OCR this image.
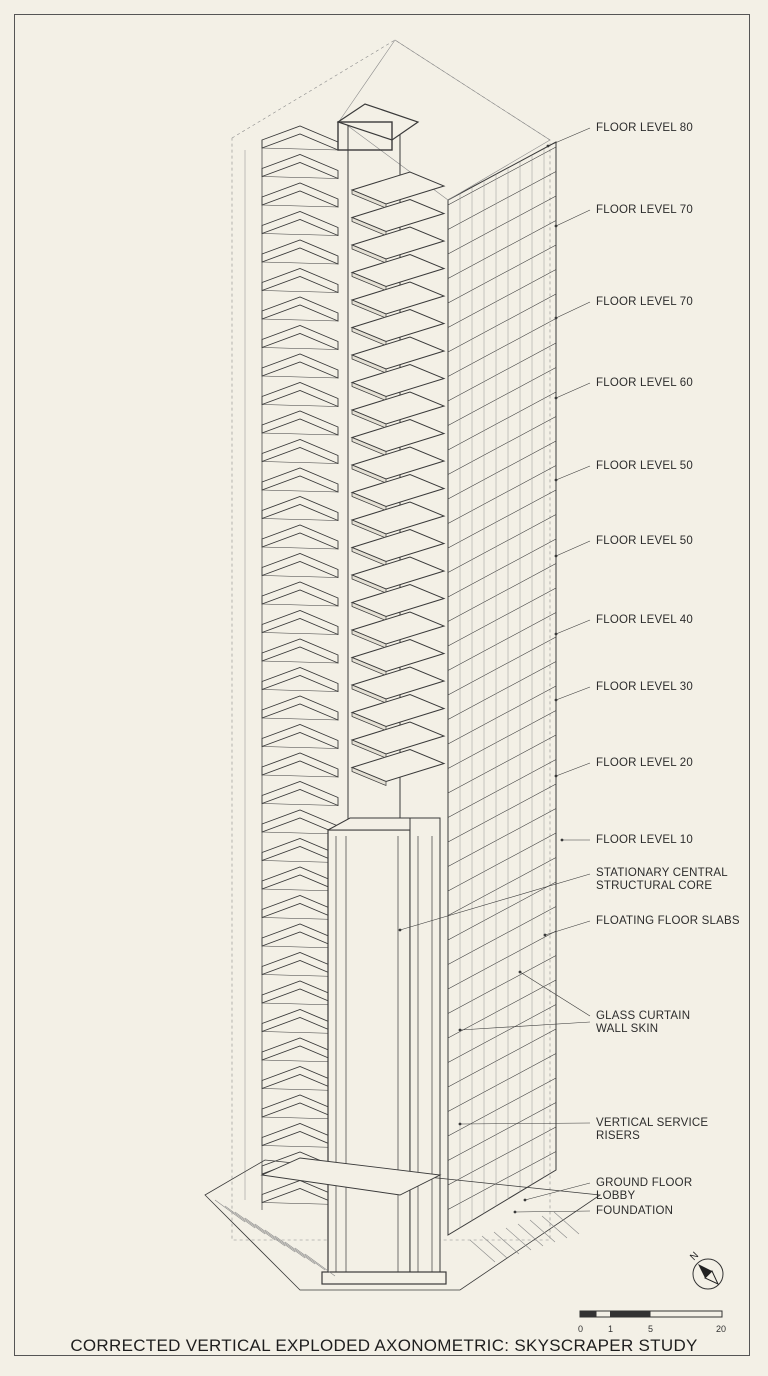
FLOOR LEVEL 80
FLOOR LEVEL 70
FLOOR LEVEL 70
FLOOR LEVEL 60
FLOOR LEVEL 50
FLOOR LEVEL 50
FLOOR LEVEL 40
FLOOR LEVEL 30
FLOOR LEVEL 20
FLOOR LEVEL 10
STATIONARY CENTRAL
STRUCTURAL CORE
FLOATING FLOOR SLABS
GLASS CURTAIN
WALL SKIN
VERTICAL SERVICE
RISERS
GROUND FLOOR
LOBBY
FOUNDATION
N
0	1	5	20
CORRECTED VERTICAL EXPLODED AXONOMETRIC: SKYSCRAPER STUDY
